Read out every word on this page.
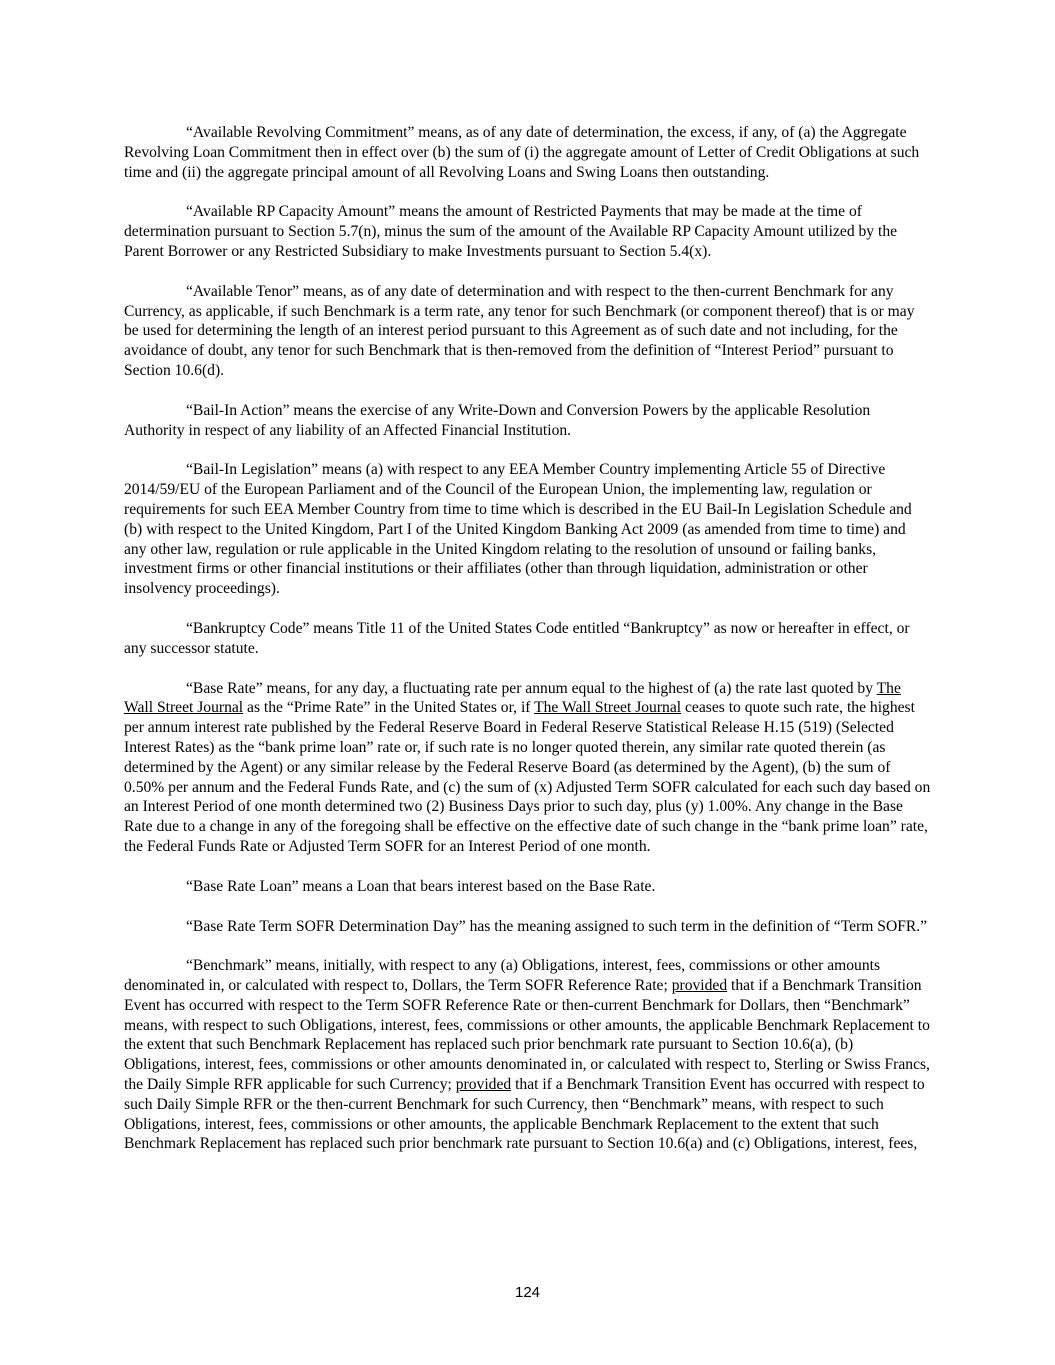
“Available Revolving Commitment” means, as of any date of determination, the excess, if any, of (a) the Aggregate Revolving Loan Commitment then in effect over (b) the sum of (i) the aggregate amount of Letter of Credit Obligations at such time and (ii) the aggregate principal amount of all Revolving Loans and Swing Loans then outstanding.

“Available RP Capacity Amount” means the amount of Restricted Payments that may be made at the time of determination pursuant to Section 5.7(n), minus the sum of the amount of the Available RP Capacity Amount utilized by the Parent Borrower or any Restricted Subsidiary to make Investments pursuant to Section 5.4(x).

“Available Tenor” means, as of any date of determination and with respect to the then-current Benchmark for any Currency, as applicable, if such Benchmark is a term rate, any tenor for such Benchmark (or component thereof) that is or may be used for determining the length of an interest period pursuant to this Agreement as of such date and not including, for the avoidance of doubt, any tenor for such Benchmark that is then-removed from the definition of “Interest Period” pursuant to Section 10.6(d).

“Bail-In Action” means the exercise of any Write-Down and Conversion Powers by the applicable Resolution Authority in respect of any liability of an Affected Financial Institution.

“Bail-In Legislation” means (a) with respect to any EEA Member Country implementing Article 55 of Directive 2014/59/EU of the European Parliament and of the Council of the European Union, the implementing law, regulation or requirements for such EEA Member Country from time to time which is described in the EU Bail-In Legislation Schedule and (b) with respect to the United Kingdom, Part I of the United Kingdom Banking Act 2009 (as amended from time to time) and any other law, regulation or rule applicable in the United Kingdom relating to the resolution of unsound or failing banks, investment firms or other financial institutions or their affiliates (other than through liquidation, administration or other insolvency proceedings).

“Bankruptcy Code” means Title 11 of the United States Code entitled “Bankruptcy” as now or hereafter in effect, or any successor statute.

“Base Rate” means, for any day, a fluctuating rate per annum equal to the highest of (a) the rate last quoted by The Wall Street Journal as the “Prime Rate” in the United States or, if The Wall Street Journal ceases to quote such rate, the highest per annum interest rate published by the Federal Reserve Board in Federal Reserve Statistical Release H.15 (519) (Selected Interest Rates) as the “bank prime loan” rate or, if such rate is no longer quoted therein, any similar rate quoted therein (as determined by the Agent) or any similar release by the Federal Reserve Board (as determined by the Agent), (b) the sum of 0.50% per annum and the Federal Funds Rate, and (c) the sum of (x) Adjusted Term SOFR calculated for each such day based on an Interest Period of one month determined two (2) Business Days prior to such day, plus (y) 1.00%. Any change in the Base Rate due to a change in any of the foregoing shall be effective on the effective date of such change in the “bank prime loan” rate, the Federal Funds Rate or Adjusted Term SOFR for an Interest Period of one month.

“Base Rate Loan” means a Loan that bears interest based on the Base Rate.

“Base Rate Term SOFR Determination Day” has the meaning assigned to such term in the definition of “Term SOFR.”

“Benchmark” means, initially, with respect to any (a) Obligations, interest, fees, commissions or other amounts denominated in, or calculated with respect to, Dollars, the Term SOFR Reference Rate; provided that if a Benchmark Transition Event has occurred with respect to the Term SOFR Reference Rate or then-current Benchmark for Dollars, then “Benchmark” means, with respect to such Obligations, interest, fees, commissions or other amounts, the applicable Benchmark Replacement to the extent that such Benchmark Replacement has replaced such prior benchmark rate pursuant to Section 10.6(a), (b) Obligations, interest, fees, commissions or other amounts denominated in, or calculated with respect to, Sterling or Swiss Francs, the Daily Simple RFR applicable for such Currency; provided that if a Benchmark Transition Event has occurred with respect to such Daily Simple RFR or the then-current Benchmark for such Currency, then “Benchmark” means, with respect to such Obligations, interest, fees, commissions or other amounts, the applicable Benchmark Replacement to the extent that such Benchmark Replacement has replaced such prior benchmark rate pursuant to Section 10.6(a) and (c) Obligations, interest, fees,

124
